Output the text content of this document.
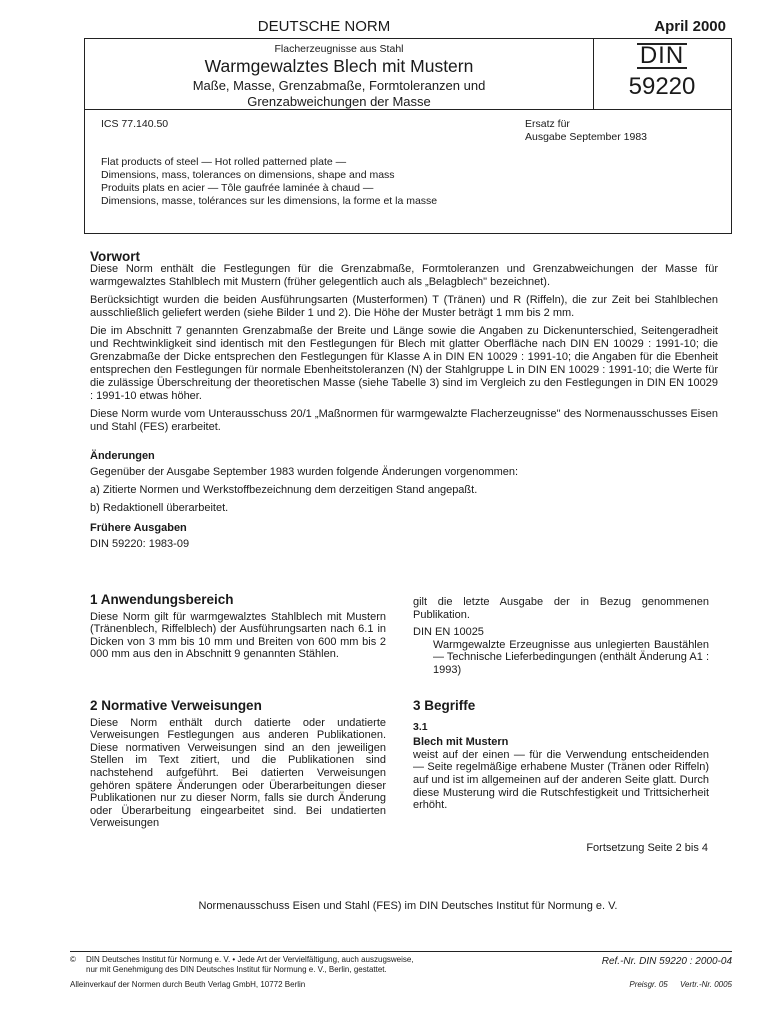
DEUTSCHE NORM	April 2000
Flacherzeugnisse aus Stahl
Warmgewalztes Blech mit Mustern
Maße, Masse, Grenzabmaße, Formtoleranzen und
Grenzabweichungen der Masse
DIN
59220
ICS 77.140.50	Ersatz für
Ausgabe September 1983
Flat products of steel — Hot rolled patterned plate —
Dimensions, mass, tolerances on dimensions, shape and mass
Produits plats en acier — Tôle gaufrée laminée à chaud —
Dimensions, masse, tolérances sur les dimensions, la forme et la masse
Vorwort

Diese Norm enthält die Festlegungen für die Grenzabmaße, Formtoleranzen und Grenzabweichungen der Masse für warmgewalztes Stahlblech mit Mustern (früher gelegentlich auch als „Belagblech" bezeichnet).

Berücksichtigt wurden die beiden Ausführungsarten (Musterformen) T (Tränen) und R (Riffeln), die zur Zeit bei Stahlblechen ausschließlich geliefert werden (siehe Bilder 1 und 2). Die Höhe der Muster beträgt 1 mm bis 2 mm.

Die im Abschnitt 7 genannten Grenzabmaße der Breite und Länge sowie die Angaben zu Dickenunterschied, Seitengeradheit und Rechtwinkligkeit sind identisch mit den Festlegungen für Blech mit glatter Oberfläche nach DIN EN 10029 : 1991-10; die Grenzabmaße der Dicke entsprechen den Festlegungen für Klasse A in DIN EN 10029 : 1991-10; die Angaben für die Ebenheit entsprechen den Festlegungen für normale Ebenheitstoleranzen (N) der Stahlgruppe L in DIN EN 10029 : 1991-10; die Werte für die zulässige Überschreitung der theoretischen Masse (siehe Tabelle 3) sind im Vergleich zu den Festlegungen in DIN EN 10029 : 1991-10 etwas höher.

Diese Norm wurde vom Unterausschuss 20/1 „Maßnormen für warmgewalzte Flacherzeugnisse" des Normenausschusses Eisen und Stahl (FES) erarbeitet.

Änderungen

Gegenüber der Ausgabe September 1983 wurden folgende Änderungen vorgenommen:

a) Zitierte Normen und Werkstoffbezeichnung dem derzeitigen Stand angepaßt.

b) Redaktionell überarbeitet.

Frühere Ausgaben

DIN 59220: 1983-09

1 Anwendungsbereich

Diese Norm gilt für warmgewalztes Stahlblech mit Mustern (Tränenblech, Riffelblech) der Ausführungsarten nach 6.1 in Dicken von 3 mm bis 10 mm und Breiten von 600 mm bis 2 000 mm aus den in Abschnitt 9 genannten Stählen.

2 Normative Verweisungen

Diese Norm enthält durch datierte oder undatierte Verweisungen Festlegungen aus anderen Publikationen. Diese normativen Verweisungen sind an den jeweiligen Stellen im Text zitiert, und die Publikationen sind nachstehend aufgeführt. Bei datierten Verweisungen gehören spätere Änderungen oder Überarbeitungen dieser Publikationen nur zu dieser Norm, falls sie durch Änderung oder Überarbeitung eingearbeitet sind. Bei undatierten Verweisungen

gilt die letzte Ausgabe der in Bezug genommenen Publikation.

DIN EN 10025
Warmgewalzte Erzeugnisse aus unlegierten Baustählen — Technische Lieferbedingungen (enthält Änderung A1 : 1993)
3 Begriffe
3.1
Blech mit Mustern

weist auf der einen — für die Verwendung entscheidenden — Seite regelmäßige erhabene Muster (Tränen oder Riffeln) auf und ist im allgemeinen auf der anderen Seite glatt. Durch diese Musterung wird die Rutschfestigkeit und Trittsicherheit erhöht.

Fortsetzung Seite 2 bis 4
Normenausschuss Eisen und Stahl (FES) im DIN Deutsches Institut für Normung e. V.
© DIN Deutsches Institut für Normung e. V. • Jede Art der Vervielfältigung, auch auszugsweise,
nur mit Genehmigung des DIN Deutsches Institut für Normung e. V., Berlin, gestattet.
Ref.-Nr. DIN 59220 : 2000-04
Alleinverkauf der Normen durch Beuth Verlag GmbH, 10772 Berlin	Preisgr. 05 Vertr.-Nr. 0005
